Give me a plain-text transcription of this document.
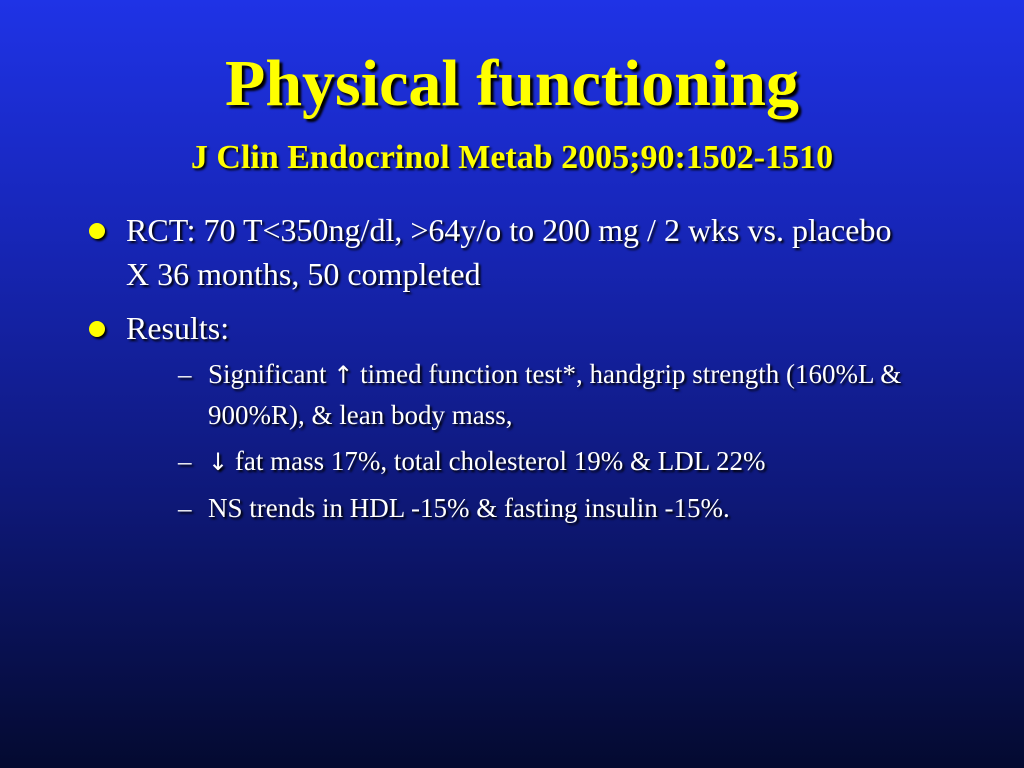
Physical functioning
J Clin Endocrinol Metab 2005;90:1502-1510
RCT: 70 T<350ng/dl, >64y/o to 200 mg / 2 wks vs. placebo X 36 months, 50 completed
Results:
– Significant ↑ timed function test*, handgrip strength (160%L & 900%R), & lean body mass,
– ↓ fat mass 17%, total cholesterol 19% & LDL 22%
– NS trends in HDL -15% & fasting insulin -15%.
